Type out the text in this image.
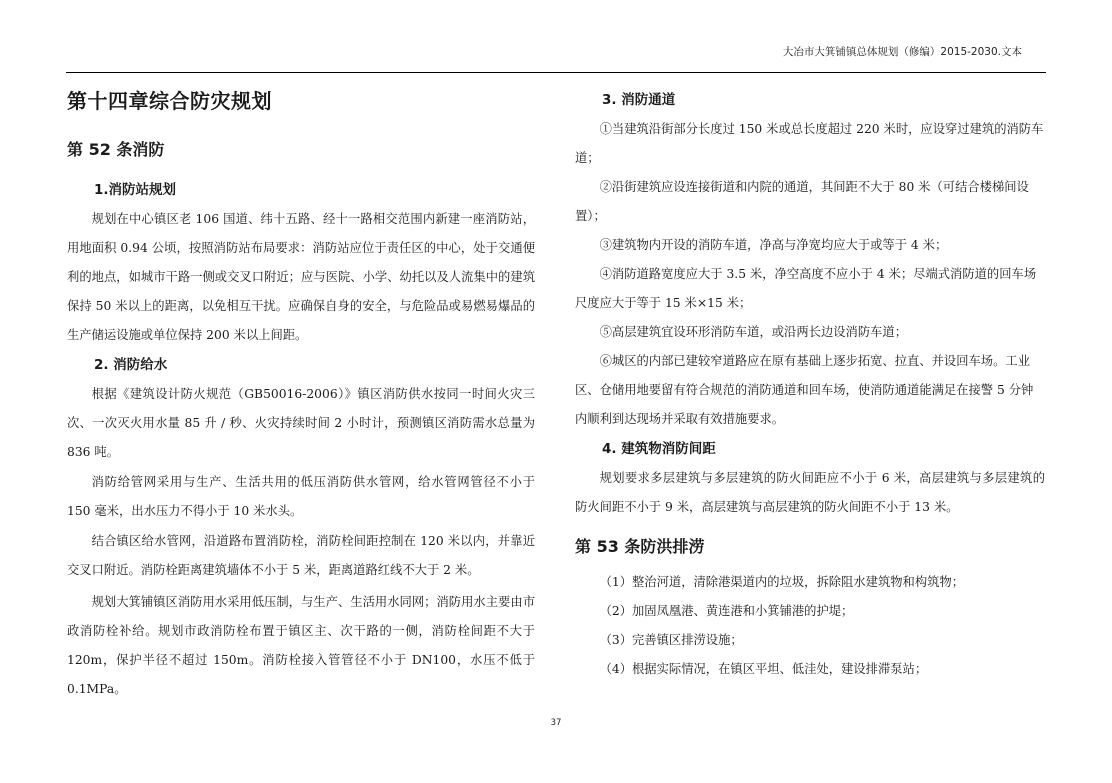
大冶市大箕铺镇总体规划（修编）2015-2030.文本
第十四章综合防灾规划
第 52 条消防
1.消防站规划

规划在中心镇区老 106 国道、纬十五路、经十一路相交范围内新建一座消防站，用地面积 0.94 公顷，按照消防站布局要求：消防站应位于责任区的中心，处于交通便利的地点，如城市干路一侧或交叉口附近；应与医院、小学、幼托以及人流集中的建筑保持 50 米以上的距离，以免相互干扰。应确保自身的安全，与危险品或易燃易爆品的生产储运设施或单位保持 200 米以上间距。

2. 消防给水

根据《建筑设计防火规范（GB50016-2006）》镇区消防供水按同一时间火灾三次、一次灭火用水量 85 升 / 秒、火灾持续时间 2 小时计，预测镇区消防需水总量为 836 吨。

消防给管网采用与生产、生活共用的低压消防供水管网，给水管网管径不小于 150 毫米，出水压力不得小于 10 米水头。

结合镇区给水管网，沿道路布置消防栓，消防栓间距控制在 120 米以内，并靠近交叉口附近。消防栓距离建筑墙体不小于 5 米，距离道路红线不大于 2 米。

规划大箕铺镇区消防用水采用低压制，与生产、生活用水同网；消防用水主要由市政消防栓补给。规划市政消防栓布置于镇区主、次干路的一侧，消防栓间距不大于 120m，保护半径不超过 150m。消防栓接入管管径不小于 DN100，水压不低于 0.1MPa。

3. 消防通道

①当建筑沿街部分长度过 150 米或总长度超过 220 米时，应设穿过建筑的消防车道；

②沿街建筑应设连接街道和内院的通道，其间距不大于 80 米（可结合楼梯间设置）；

③建筑物内开设的消防车道，净高与净宽均应大于或等于 4 米；

④消防道路宽度应大于 3.5 米，净空高度不应小于 4 米；尽端式消防道的回车场尺度应大于等于 15 米×15 米；

⑤高层建筑宜设环形消防车道，或沿两长边设消防车道；

⑥城区的内部已建较窄道路应在原有基础上逐步拓宽、拉直、并设回车场。工业区、仓储用地要留有符合规范的消防通道和回车场，使消防通道能满足在接警 5 分钟内顺利到达现场并采取有效措施要求。

4. 建筑物消防间距

规划要求多层建筑与多层建筑的防火间距应不小于 6 米，高层建筑与多层建筑的防火间距不小于 9 米，高层建筑与高层建筑的防火间距不小于 13 米。

第 53 条防洪排涝

（1）整治河道，清除港渠道内的垃圾，拆除阻水建筑物和构筑物；

（2）加固凤凰港、黄连港和小箕铺港的护堤；

（3）完善镇区排涝设施；

（4）根据实际情况，在镇区平坦、低洼处，建设排滞泵站；

37
